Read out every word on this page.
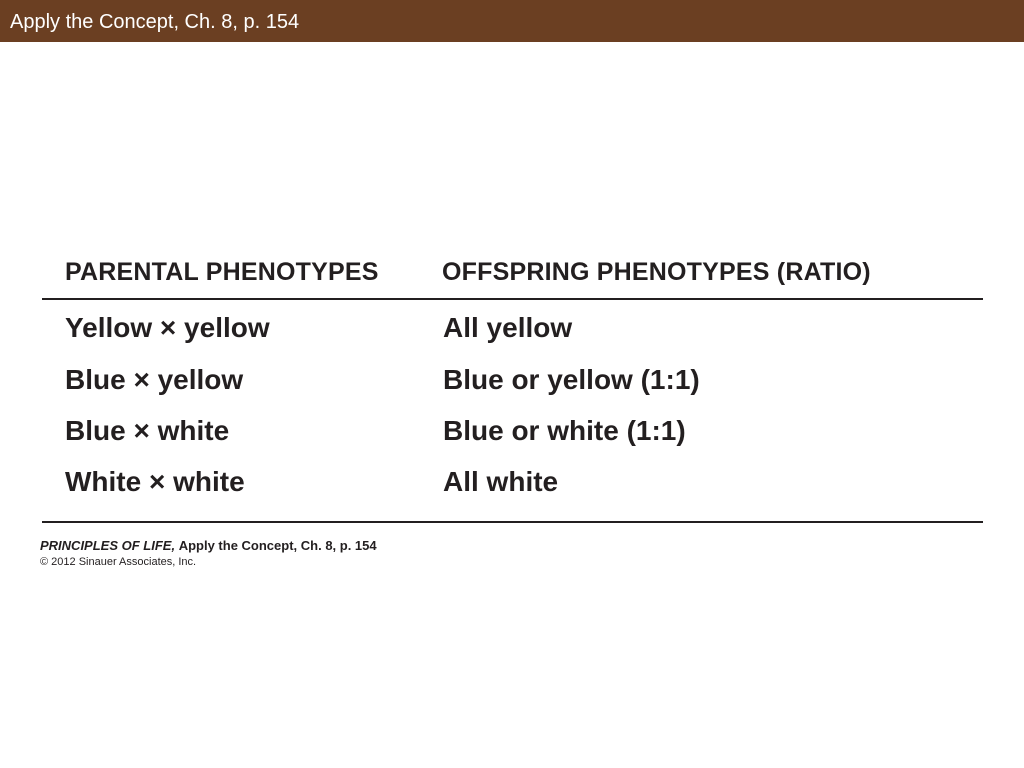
Apply the Concept, Ch. 8, p. 154
PARENTAL PHENOTYPES	OFFSPRING PHENOTYPES (RATIO)
Yellow × yellow	All yellow
Blue × yellow	Blue or yellow (1:1)
Blue × white	Blue or white (1:1)
White × white	All white
PRINCIPLES OF LIFE, Apply the Concept, Ch. 8, p. 154
© 2012 Sinauer Associates, Inc.
